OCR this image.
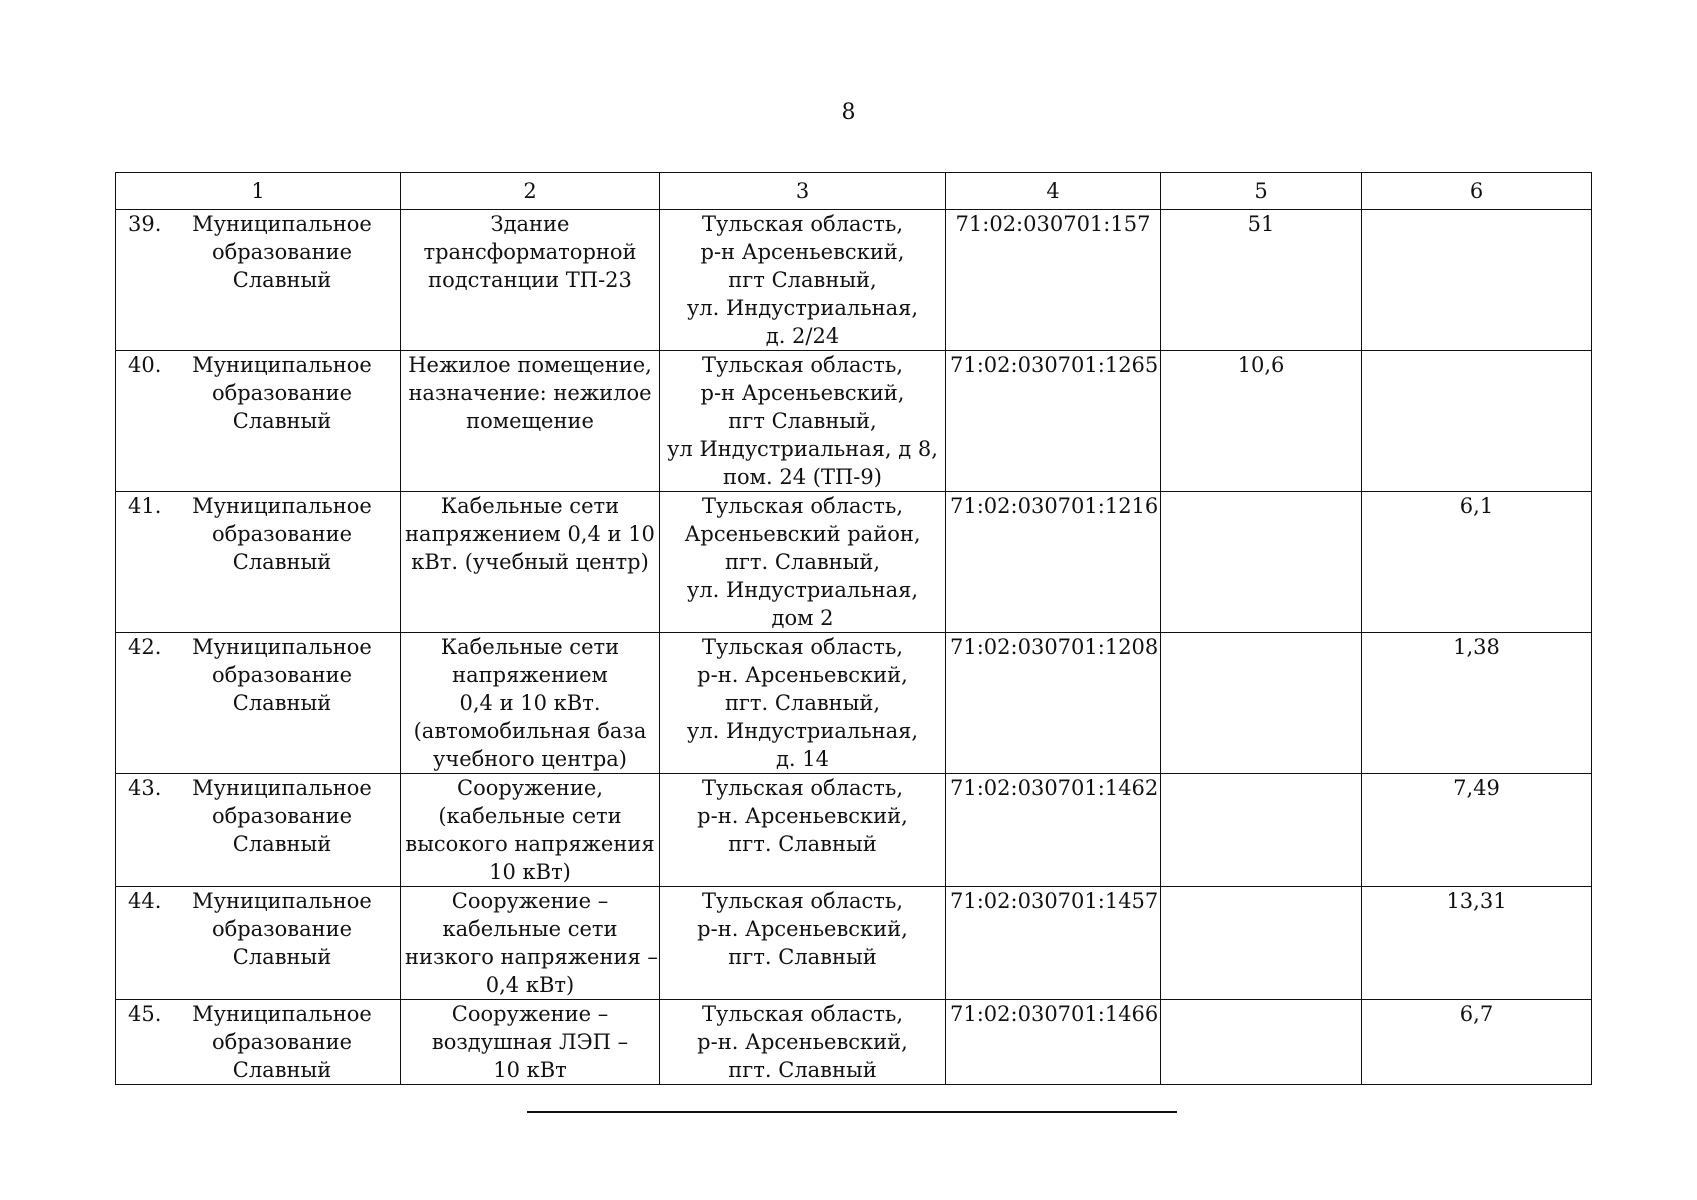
8
1	2	3	4	5	6

39. Муниципальное
образование
Славный	Здание
трансформаторной
подстанции ТП-23	Тульская область,
р-н Арсеньевский,
пгт Славный,
ул. Индустриальная,
д. 2/24	71:02:030701:157	51	

40. Муниципальное
образование
Славный	Нежилое помещение,
назначение: нежилое
помещение	Тульская область,
р-н Арсеньевский,
пгт Славный,
ул Индустриальная, д 8,
пом. 24 (ТП-9)	71:02:030701:1265	10,6	

41. Муниципальное
образование
Славный	Кабельные сети
напряжением 0,4 и 10
кВт. (учебный центр)	Тульская область,
Арсеньевский район,
пгт. Славный,
ул. Индустриальная,
дом 2	71:02:030701:1216		6,1

42. Муниципальное
образование
Славный	Кабельные сети
напряжением
0,4 и 10 кВт.
(автомобильная база
учебного центра)	Тульская область,
р-н. Арсеньевский,
пгт. Славный,
ул. Индустриальная,
д. 14	71:02:030701:1208		1,38

43. Муниципальное
образование
Славный	Сооружение,
(кабельные сети
высокого напряжения
10 кВт)	Тульская область,
р-н. Арсеньевский,
пгт. Славный	71:02:030701:1462		7,49

44. Муниципальное
образование
Славный	Сооружение –
кабельные сети
низкого напряжения –
0,4 кВт)	Тульская область,
р-н. Арсеньевский,
пгт. Славный	71:02:030701:1457		13,31

45. Муниципальное
образование
Славный	Сооружение –
воздушная ЛЭП –
10 кВт	Тульская область,
р-н. Арсеньевский,
пгт. Славный	71:02:030701:1466		6,7
